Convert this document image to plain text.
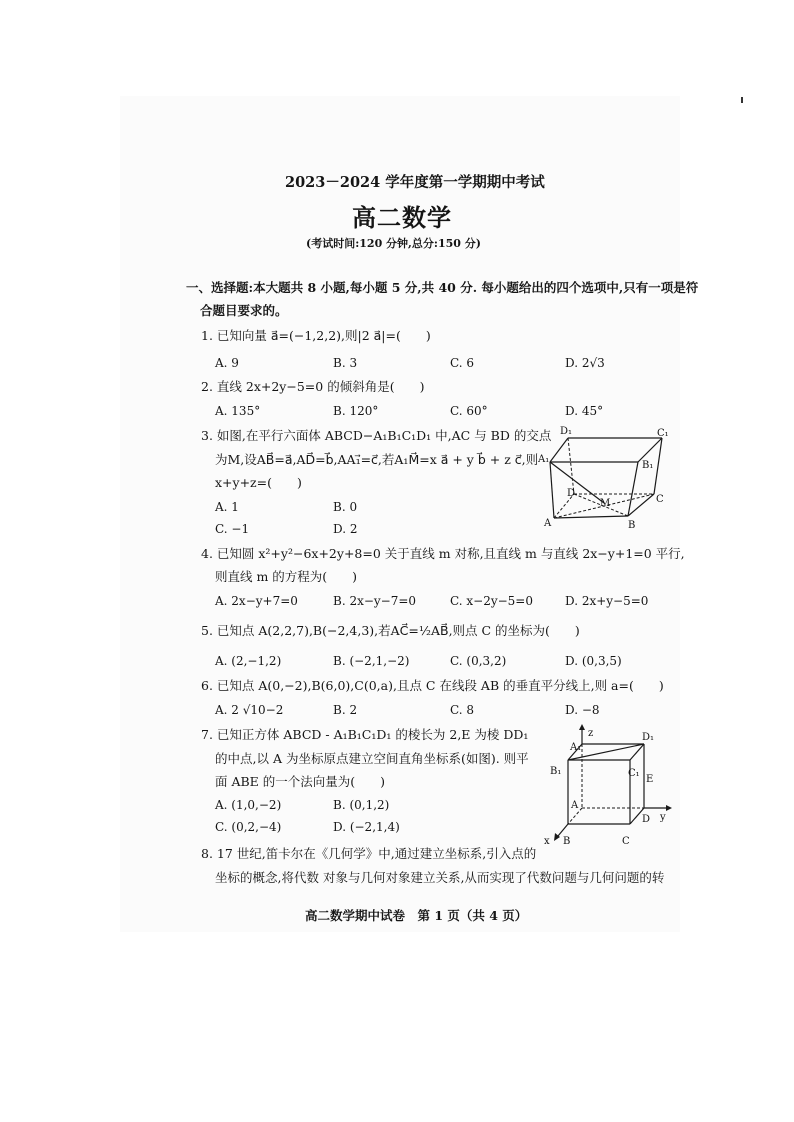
2023－2024 学年度第一学期期中考试
高二数学
(考试时间:120 分钟,总分:150 分)
一、选择题:本大题共 8 小题,每小题 5 分,共 40 分. 每小题给出的四个选项中,只有一项是符
合题目要求的。
1. 已知向量 a⃗=(−1,2,2),则|2 a⃗|=(　　)
A. 9	B. 3	C. 6	D. 2√3
2. 直线 2x+2y−5=0 的倾斜角是(　　)
A. 135°	B. 120°	C. 60°	D. 45°
3. 如图,在平行六面体 ABCD−A₁B₁C₁D₁ 中,AC 与 BD 的交点
为M,设AB⃗=a⃗,AD⃗=b⃗,AA₁⃗=c⃗,若A₁M⃗=x a⃗ + y b⃗ + z c⃗,则
x+y+z=(　　)
A. 1	B. 0
C. −1	D. 2
D₁	C₁
A₁
B₁
D
M	C
A	B
4. 已知圆 x²+y²−6x+2y+8=0 关于直线 m 对称,且直线 m 与直线 2x−y+1=0 平行,
则直线 m 的方程为(　　)
A. 2x−y+7=0	B. 2x−y−7=0	C. x−2y−5=0	D. 2x+y−5=0
5. 已知点 A(2,2,7),B(−2,4,3),若AC⃗=½AB⃗,则点 C 的坐标为(　　)
A. (2,−1,2)	B. (−2,1,−2)	C. (0,3,2)	D. (0,3,5)
6. 已知点 A(0,−2),B(6,0),C(0,a),且点 C 在线段 AB 的垂直平分线上,则 a=(　　)
A. 2 √10−2	B. 2	C. 8	D. −8
7. 已知正方体 ABCD - A₁B₁C₁D₁ 的棱长为 2,E 为棱 DD₁
的中点,以 A 为坐标原点建立空间直角坐标系(如图). 则平
面 ABE 的一个法向量为(　　)
A. (1,0,−2)	B. (0,1,2)
C. (0,2,−4)	D. (−2,1,4)
A₁
z	D₁
B₁	C₁
E
A
D y
x B	C
8. 17 世纪,笛卡尔在《几何学》中,通过建立坐标系,引入点的
坐标的概念,将代数 对象与几何对象建立关系,从而实现了代数问题与几何问题的转
高二数学期中试卷　第 1 页（共 4 页）
